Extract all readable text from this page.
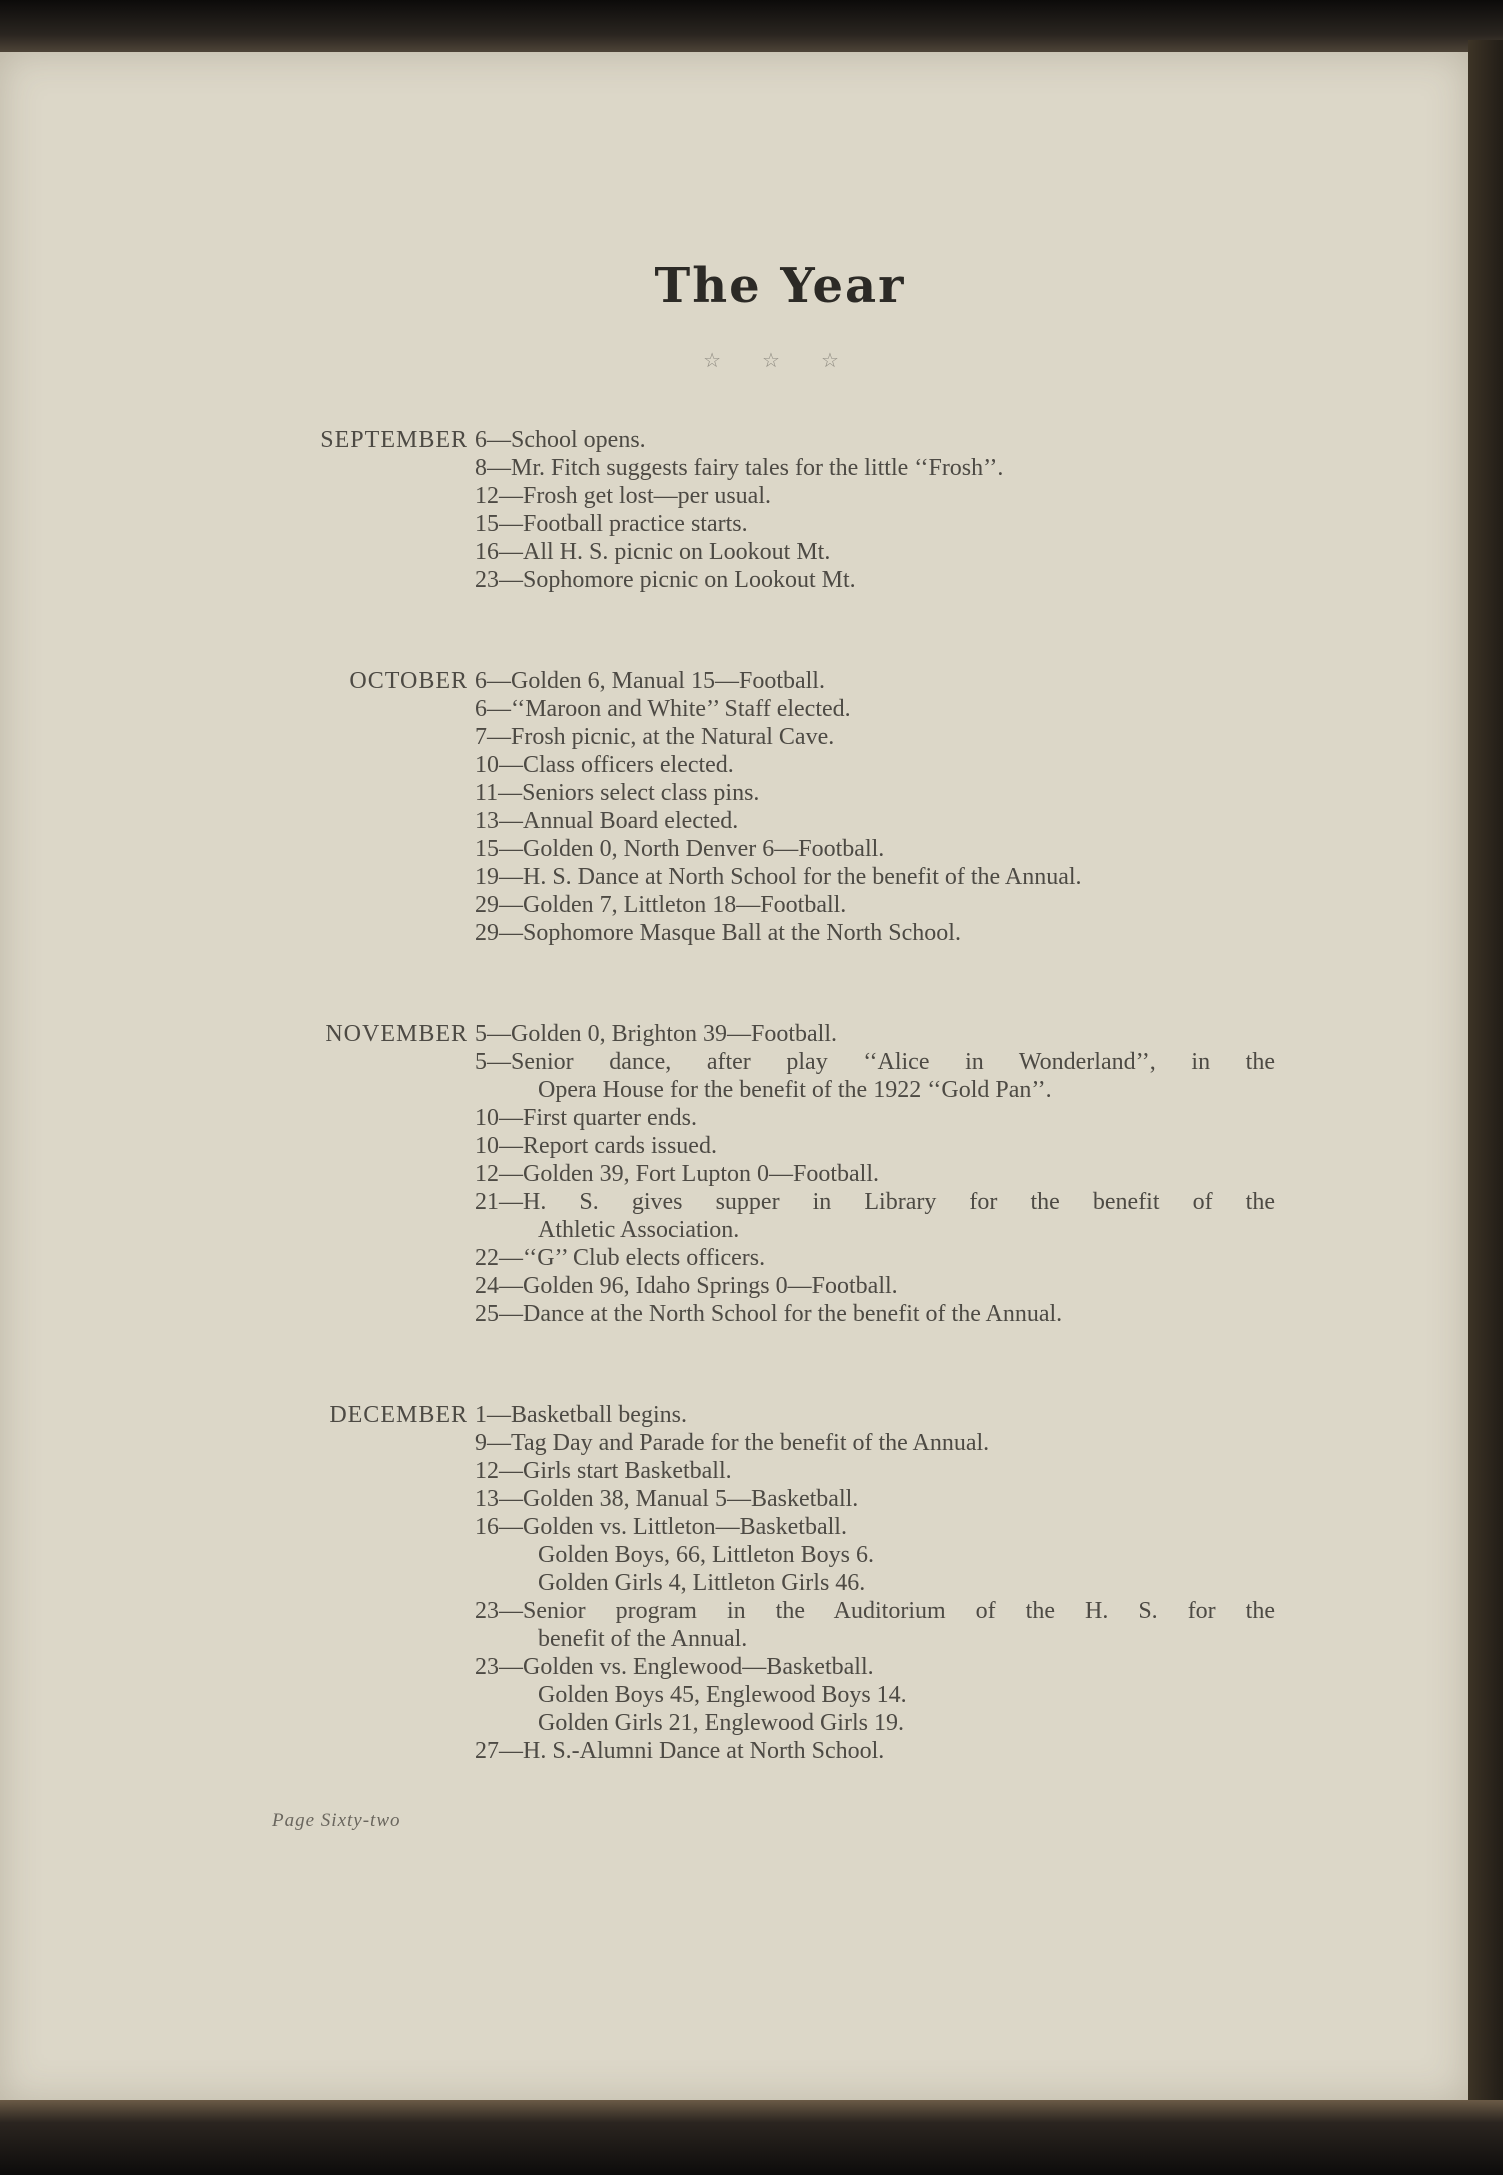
The Year
☆ ☆ ☆
SEPTEMBER 6—School opens.
8—Mr. Fitch suggests fairy tales for the little ‘‘Frosh’’.
12—Frosh get lost—per usual.
15—Football practice starts.
16—All H. S. picnic on Lookout Mt.
23—Sophomore picnic on Lookout Mt.
OCTOBER 6—Golden 6, Manual 15—Football.
6—‘‘Maroon and White’’ Staff elected.
7—Frosh picnic, at the Natural Cave.
10—Class officers elected.
11—Seniors select class pins.
13—Annual Board elected.
15—Golden 0, North Denver 6—Football.
19—H. S. Dance at North School for the benefit of the Annual.
29—Golden 7, Littleton 18—Football.
29—Sophomore Masque Ball at the North School.
NOVEMBER 5—Golden 0, Brighton 39—Football.
5—Senior dance, after play ‘‘Alice in Wonderland’’, in the
Opera House for the benefit of the 1922 ‘‘Gold Pan’’.
10—First quarter ends.
10—Report cards issued.
12—Golden 39, Fort Lupton 0—Football.
21—H. S. gives supper in Library for the benefit of the
Athletic Association.
22—‘‘G’’ Club elects officers.
24—Golden 96, Idaho Springs 0—Football.
25—Dance at the North School for the benefit of the Annual.
DECEMBER 1—Basketball begins.
9—Tag Day and Parade for the benefit of the Annual.
12—Girls start Basketball.
13—Golden 38, Manual 5—Basketball.
16—Golden vs. Littleton—Basketball.
Golden Boys, 66, Littleton Boys 6.
Golden Girls 4, Littleton Girls 46.
23—Senior program in the Auditorium of the H. S. for the
benefit of the Annual.
23—Golden vs. Englewood—Basketball.
Golden Boys 45, Englewood Boys 14.
Golden Girls 21, Englewood Girls 19.
27—H. S.-Alumni Dance at North School.
Page Sixty-two
